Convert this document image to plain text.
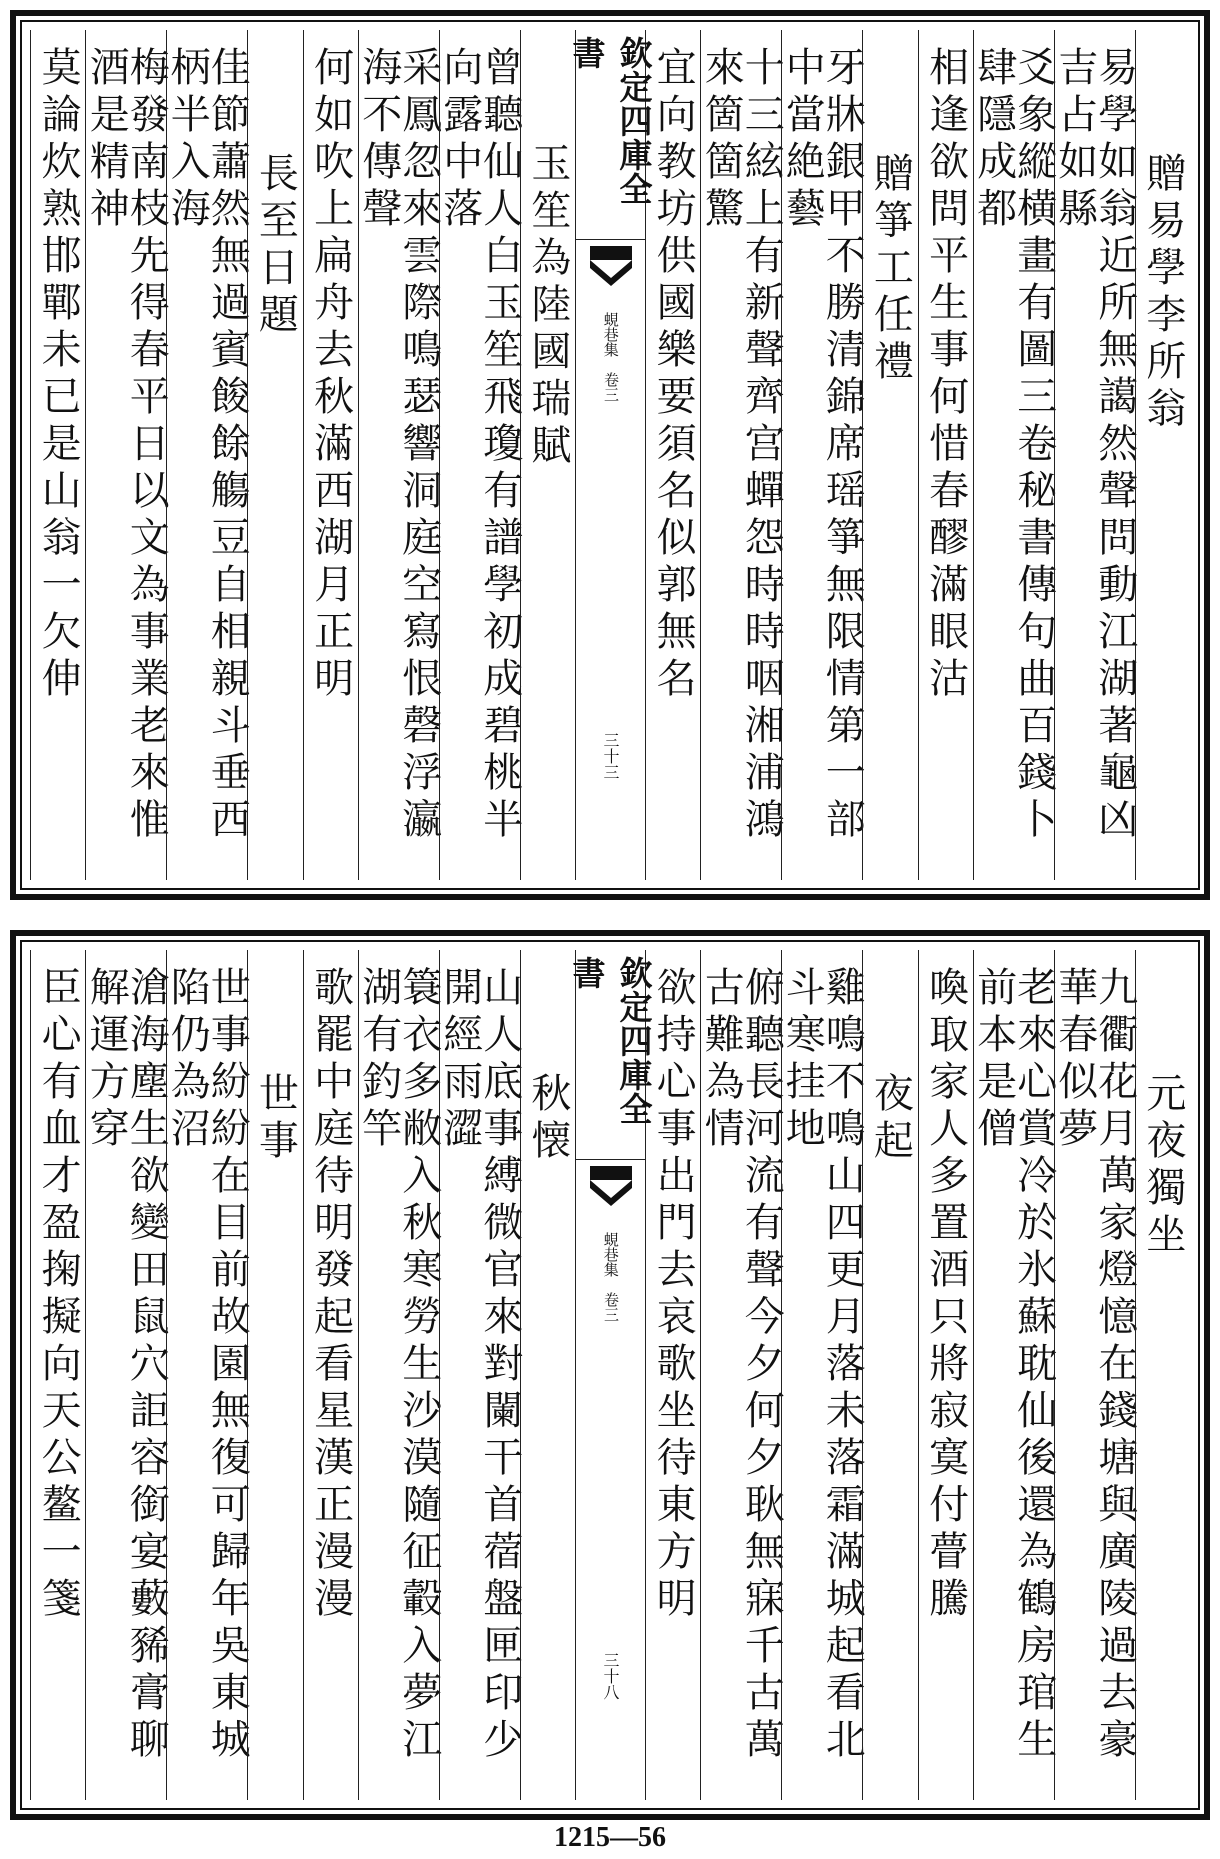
贈易學李所翁
易學如翁近所無譪然聲問動江湖著龜凶吉占如縣
爻象縱横畫有圖三卷秘書傳句曲百錢卜肆隱成都
相逢欲問平生事何惜春醪滿眼沽
贈箏工任禮
牙牀銀甲不勝清錦席瑶箏無限情第一部中當絶藝
十三絃上有新聲齊宫蟬怨時時咽湘浦鴻來箇箇驚
宜向教坊供國樂要須名似郭無名
欽定四庫全書
蜆巷集
卷三
三十三
玉笙為陸國瑞賦
曾聽仙人白玉笙飛瓊有譜學初成碧桃半向露中落
采鳳忽來雲際鳴瑟響洞庭空寫恨磬浮瀛海不傳聲
何如吹上扁舟去秋滿西湖月正明
長至日題
佳節蕭然無過賓餕餘觴豆自相親斗垂西柄半入海
梅發南枝先得春平日以文為事業老來惟酒是精神
莫論炊熟邯鄲未已是山翁一欠伸
元夜獨坐
九衢花月萬家燈憶在錢塘與廣陵過去豪華春似夢
老來心賞冷於氷蘇耽仙後還為鶴房琯生前本是僧
喚取家人多置酒只將寂寞付瞢騰
夜起
雞鳴不鳴山四更月落未落霜滿城起看北斗寒挂地
俯聽長河流有聲今夕何夕耿無寐千古萬古難為情
欲持心事出門去哀歌坐待東方明
欽定四庫全書
蜆巷集
卷三
三十八
秋懐
山人底事縛微官來對闌干首蓿盤匣印少開經雨澀
簑衣多敝入秋寒勞生沙漠隨征轂入夢江湖有釣竿
歌罷中庭待明發起看星漢正漫漫
世事
世事紛紛在目前故園無復可歸年吳東城陷仍為沼
滄海塵生欲變田鼠穴詎容銜宴藪豨膏聊解運方穿
臣心有血才盈掬擬向天公鳌一箋
1215—56
